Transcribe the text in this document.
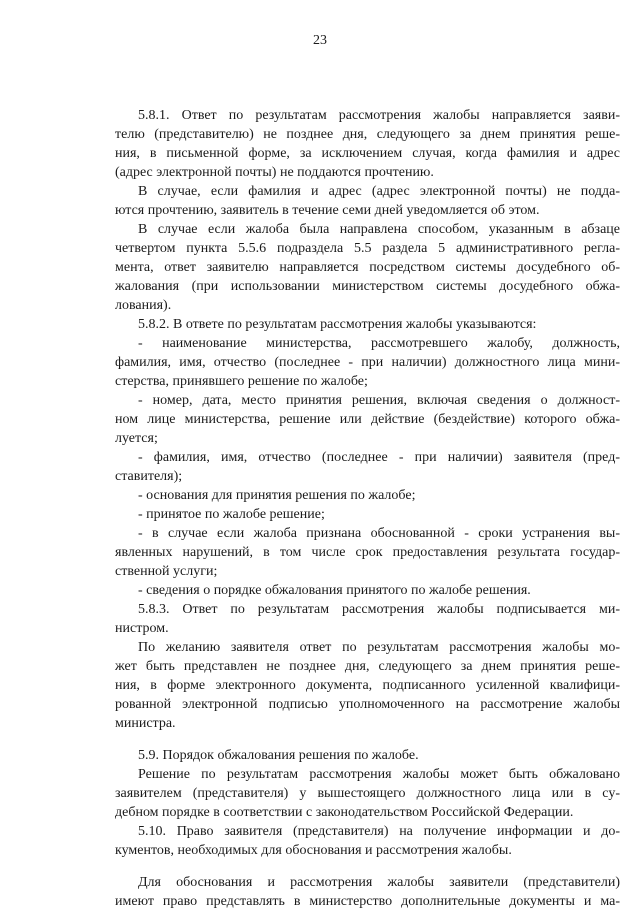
23
5.8.1. Ответ по результатам рассмотрения жалобы направляется заяви-
телю (представителю) не позднее дня, следующего за днем принятия реше-
ния, в письменной форме, за исключением случая, когда фамилия и адрес
(адрес электронной почты) не поддаются прочтению.
В случае, если фамилия и адрес (адрес электронной почты) не подда-
ются прочтению, заявитель в течение семи дней уведомляется об этом.
В случае если жалоба была направлена способом, указанным в абзаце
четвертом пункта 5.5.6 подраздела 5.5 раздела 5 административного регла-
мента, ответ заявителю направляется посредством системы досудебного об-
жалования (при использовании министерством системы досудебного обжа-
лования).
5.8.2. В ответе по результатам рассмотрения жалобы указываются:
- наименование министерства, рассмотревшего жалобу, должность,
фамилия, имя, отчество (последнее - при наличии) должностного лица мини-
стерства, принявшего решение по жалобе;
- номер, дата, место принятия решения, включая сведения о должност-
ном лице министерства, решение или действие (бездействие) которого обжа-
луется;
- фамилия, имя, отчество (последнее - при наличии) заявителя (пред-
ставителя);
- основания для принятия решения по жалобе;
- принятое по жалобе решение;
- в случае если жалоба признана обоснованной - сроки устранения вы-
явленных нарушений, в том числе срок предоставления результата государ-
ственной услуги;
- сведения о порядке обжалования принятого по жалобе решения.
5.8.3. Ответ по результатам рассмотрения жалобы подписывается ми-
нистром.
По желанию заявителя ответ по результатам рассмотрения жалобы мо-
жет быть представлен не позднее дня, следующего за днем принятия реше-
ния, в форме электронного документа, подписанного усиленной квалифици-
рованной электронной подписью уполномоченного на рассмотрение жалобы
министра.
5.9. Порядок обжалования решения по жалобе.
Решение по результатам рассмотрения жалобы может быть обжаловано
заявителем (представителя) у вышестоящего должностного лица или в су-
дебном порядке в соответствии с законодательством Российской Федерации.
5.10. Право заявителя (представителя) на получение информации и до-
кументов, необходимых для обоснования и рассмотрения жалобы.
Для обоснования и рассмотрения жалобы заявители (представители)
имеют право представлять в министерство дополнительные документы и ма-
